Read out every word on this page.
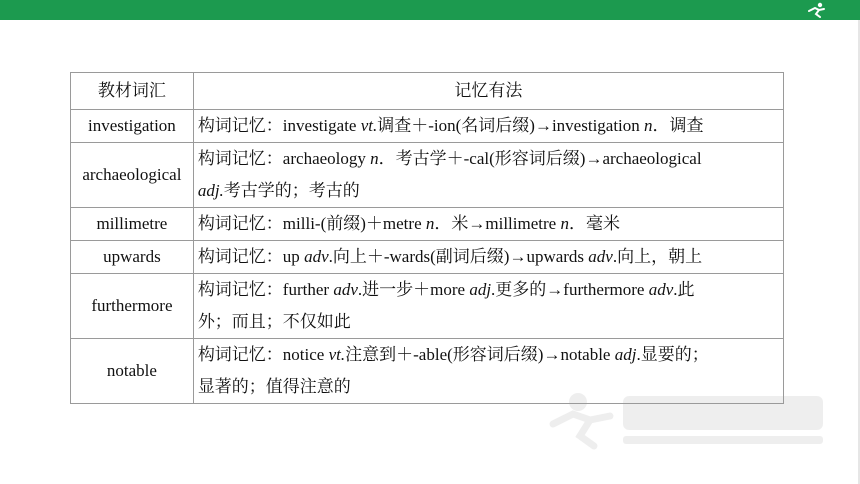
教材词汇	记忆有法
investigation	构词记忆：investigate vt.调查＋-ion(名词后缀)→investigation n．调查

archaeological	构词记忆：archaeology n．考古学＋-cal(形容词后缀)→archaeological
adj.考古学的；考古的

millimetre	构词记忆：milli-(前缀)＋metre n．米→millimetre n．毫米

upwards	构词记忆：up adv.向上＋-wards(副词后缀)→upwards adv.向上，朝上

furthermore	构词记忆：further adv.进一步＋more adj.更多的→furthermore adv.此
外；而且；不仅如此

notable	构词记忆：notice vt.注意到＋-able(形容词后缀)→notable adj.显要的；
显著的；值得注意的
